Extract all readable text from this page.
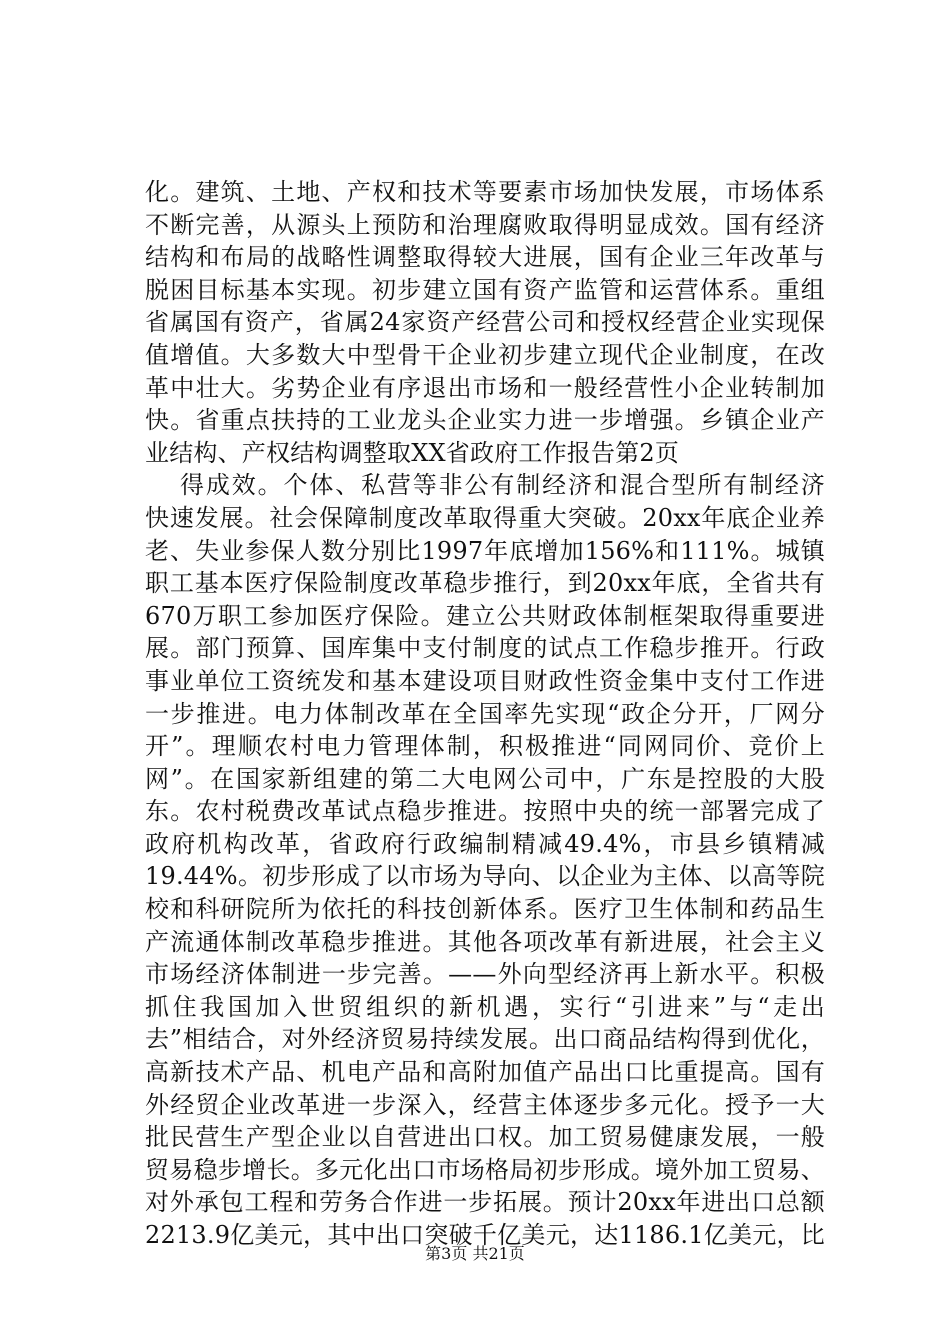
化。建筑、土地、产权和技术等要素市场加快发展，市场体系
不断完善，从源头上预防和治理腐败取得明显成效。国有经济
结构和布局的战略性调整取得较大进展，国有企业三年改革与
脱困目标基本实现。初步建立国有资产监管和运营体系。重组
省属国有资产，省属24家资产经营公司和授权经营企业实现保
值增值。大多数大中型骨干企业初步建立现代企业制度，在改
革中壮大。劣势企业有序退出市场和一般经营性小企业转制加
快。省重点扶持的工业龙头企业实力进一步增强。乡镇企业产
业结构、产权结构调整取XX省政府工作报告第2页
得成效。个体、私营等非公有制经济和混合型所有制经济
快速发展。社会保障制度改革取得重大突破。20xx年底企业养
老、失业参保人数分别比1997年底增加156%和111%。城镇
职工基本医疗保险制度改革稳步推行，到20xx年底，全省共有
670万职工参加医疗保险。建立公共财政体制框架取得重要进
展。部门预算、国库集中支付制度的试点工作稳步推开。行政
事业单位工资统发和基本建设项目财政性资金集中支付工作进
一步推进。电力体制改革在全国率先实现“政企分开，厂网分
开”。理顺农村电力管理体制，积极推进“同网同价、竞价上
网”。在国家新组建的第二大电网公司中，广东是控股的大股
东。农村税费改革试点稳步推进。按照中央的统一部署完成了
政府机构改革，省政府行政编制精减49.4%，市县乡镇精减
19.44%。初步形成了以市场为导向、以企业为主体、以高等院
校和科研院所为依托的科技创新体系。医疗卫生体制和药品生
产流通体制改革稳步推进。其他各项改革有新进展，社会主义
市场经济体制进一步完善。——外向型经济再上新水平。积极
抓住我国加入世贸组织的新机遇，实行“引进来”与“走出
去”相结合，对外经济贸易持续发展。出口商品结构得到优化，
高新技术产品、机电产品和高附加值产品出口比重提高。国有
外经贸企业改革进一步深入，经营主体逐步多元化。授予一大
批民营生产型企业以自营进出口权。加工贸易健康发展，一般
贸易稳步增长。多元化出口市场格局初步形成。境外加工贸易、
对外承包工程和劳务合作进一步拓展。预计20xx年进出口总额
2213.9亿美元，其中出口突破千亿美元，达1186.1亿美元，比
第3页 共21页
